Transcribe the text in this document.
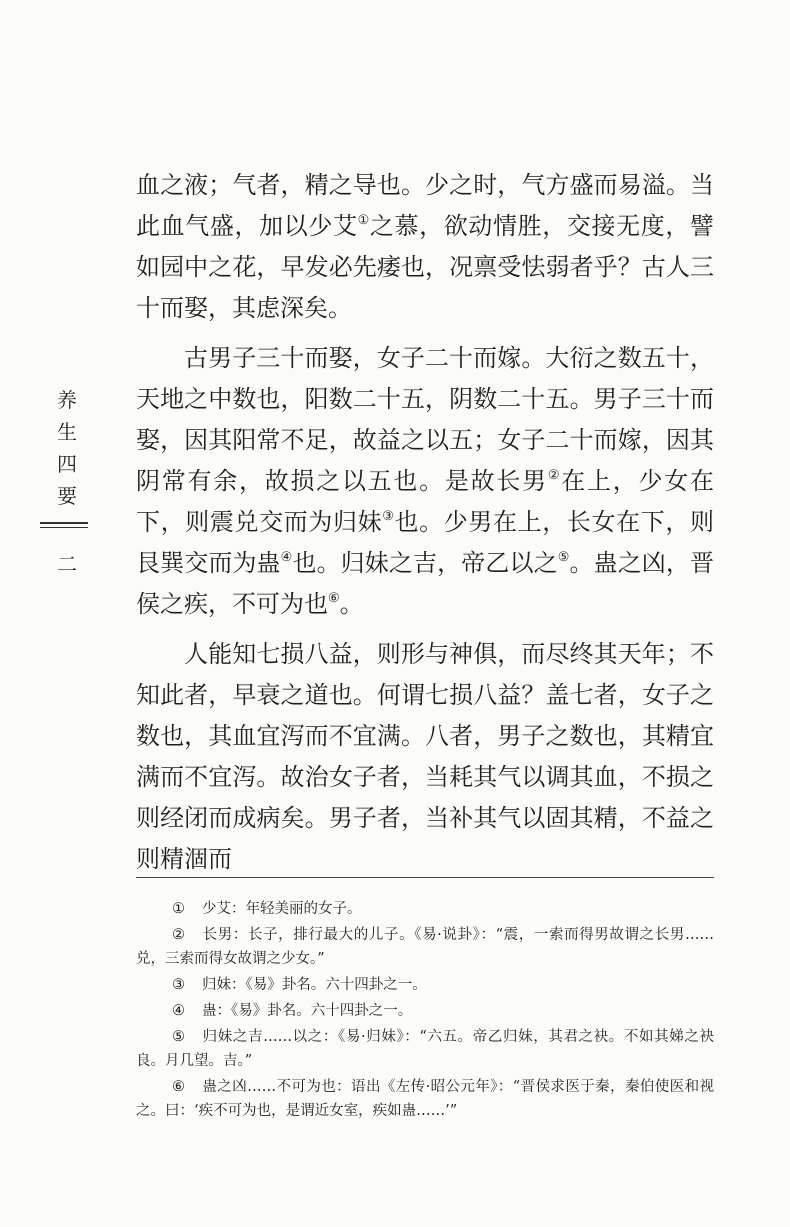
养
生
四
要
二

血之液；气者，精之导也。少之时，气方盛而易溢。当此血气盛，加以少艾①之慕，欲动情胜，交接无度，譬如园中之花，早发必先痿也，况禀受怯弱者乎？古人三十而娶，其虑深矣。

古男子三十而娶，女子二十而嫁。大衍之数五十，天地之中数也，阳数二十五，阴数二十五。男子三十而娶，因其阳常不足，故益之以五；女子二十而嫁，因其阴常有余，故损之以五也。是故长男②在上，少女在下，则震兑交而为归妹③也。少男在上，长女在下，则艮巽交而为蛊④也。归妹之吉，帝乙以之⑤。蛊之凶，晋侯之疾，不可为也⑥。

人能知七损八益，则形与神俱，而尽终其天年；不知此者，早衰之道也。何谓七损八益？盖七者，女子之数也，其血宜泻而不宜满。八者，男子之数也，其精宜满而不宜泻。故治女子者，当耗其气以调其血，不损之则经闭而成病矣。男子者，当补其气以固其精，不益之则精涸而

① 少艾：年轻美丽的女子。

② 长男：长子，排行最大的儿子。《易·说卦》：“震，一索而得男故谓之长男……兑，三索而得女故谓之少女。”

③ 归妹：《易》卦名。六十四卦之一。

④ 蛊：《易》卦名。六十四卦之一。

⑤ 归妹之吉……以之：《易·归妹》：“六五。帝乙归妹，其君之袂。不如其娣之袂良。月几望。吉。”

⑥ 蛊之凶……不可为也：语出《左传·昭公元年》：“晋侯求医于秦，秦伯使医和视之。曰：‘疾不可为也，是谓近女室，疾如蛊……’”
